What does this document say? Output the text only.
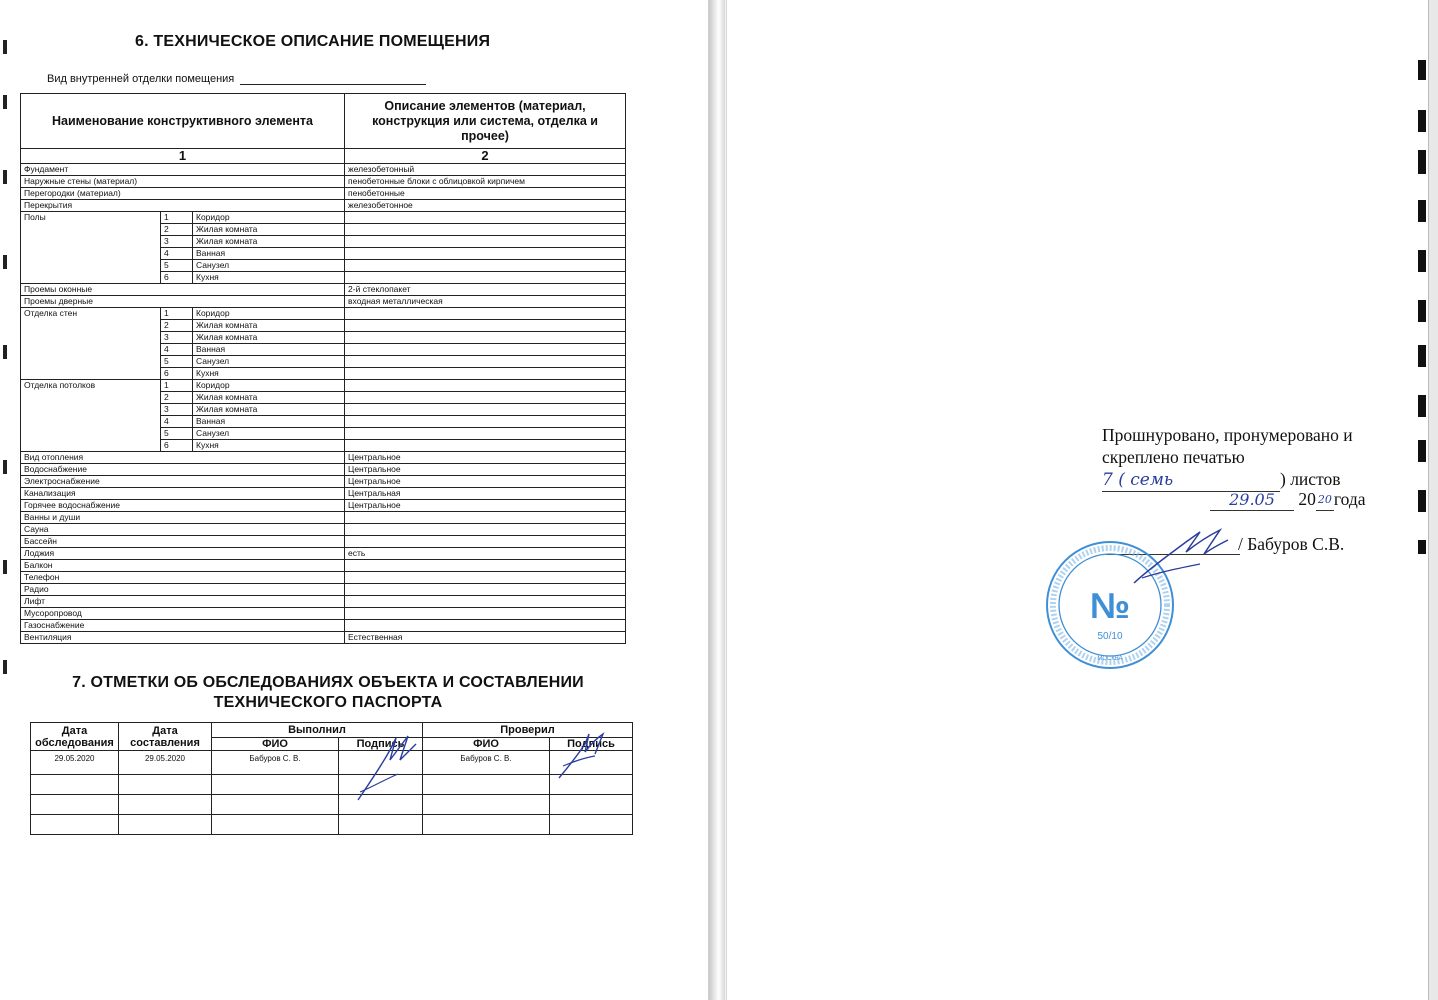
6. ТЕХНИЧЕСКОЕ ОПИСАНИЕ ПОМЕЩЕНИЯ
Вид внутренней отделки помещения
Наименование конструктивного элемента			Описание элементов (материал, конструкция или система, отделка и прочее)
1			2
Фундамент			железобетонный
Наружные стены (материал)			пенобетонные блоки с облицовкой кирпичем
Перегородки (материал)			пенобетонные
Перекрытия			железобетонное
Полы	1	Коридор	
	2	Жилая комната	
	3	Жилая комната	
	4	Ванная	
	5	Санузел	
	6	Кухня	
Проемы оконные			2-й стеклопакет
Проемы дверные			входная металлическая
Отделка стен	1	Коридор	
	2	Жилая комната	
	3	Жилая комната	
	4	Ванная	
	5	Санузел	
	6	Кухня	
Отделка потолков	1	Коридор	
	2	Жилая комната	
	3	Жилая комната	
	4	Ванная	
	5	Санузел	
	6	Кухня	
Вид отопления			Центральное
Водоснабжение			Центральное
Электроснабжение			Центральное
Канализация			Центральная
Горячее водоснабжение			Центральное
Ванны и души			
Сауна			
Бассейн			
Лоджия			есть
Балкон			
Телефон			
Радио			
Лифт			
Мусоропровод			
Газоснабжение			
Вентиляция			Естественная
7. ОТМЕТКИ ОБ ОБСЛЕДОВАНИЯХ ОБЪЕКТА И СОСТАВЛЕНИИ
ТЕХНИЧЕСКОГО ПАСПОРТА
Дата обследования	Дата составления	Выполнил		Проверил	
		ФИО	Подпись	ФИО	Подпись
29.05.2020	29.05.2020	Бабуров С. В.		Бабуров С. В.	

Прошнуровано, пронумеровано и
скреплено печатью
7 ( семь	) листов
29.05 20 20 года
/ Бабуров С.В.
№
50/10
МОСКВА
